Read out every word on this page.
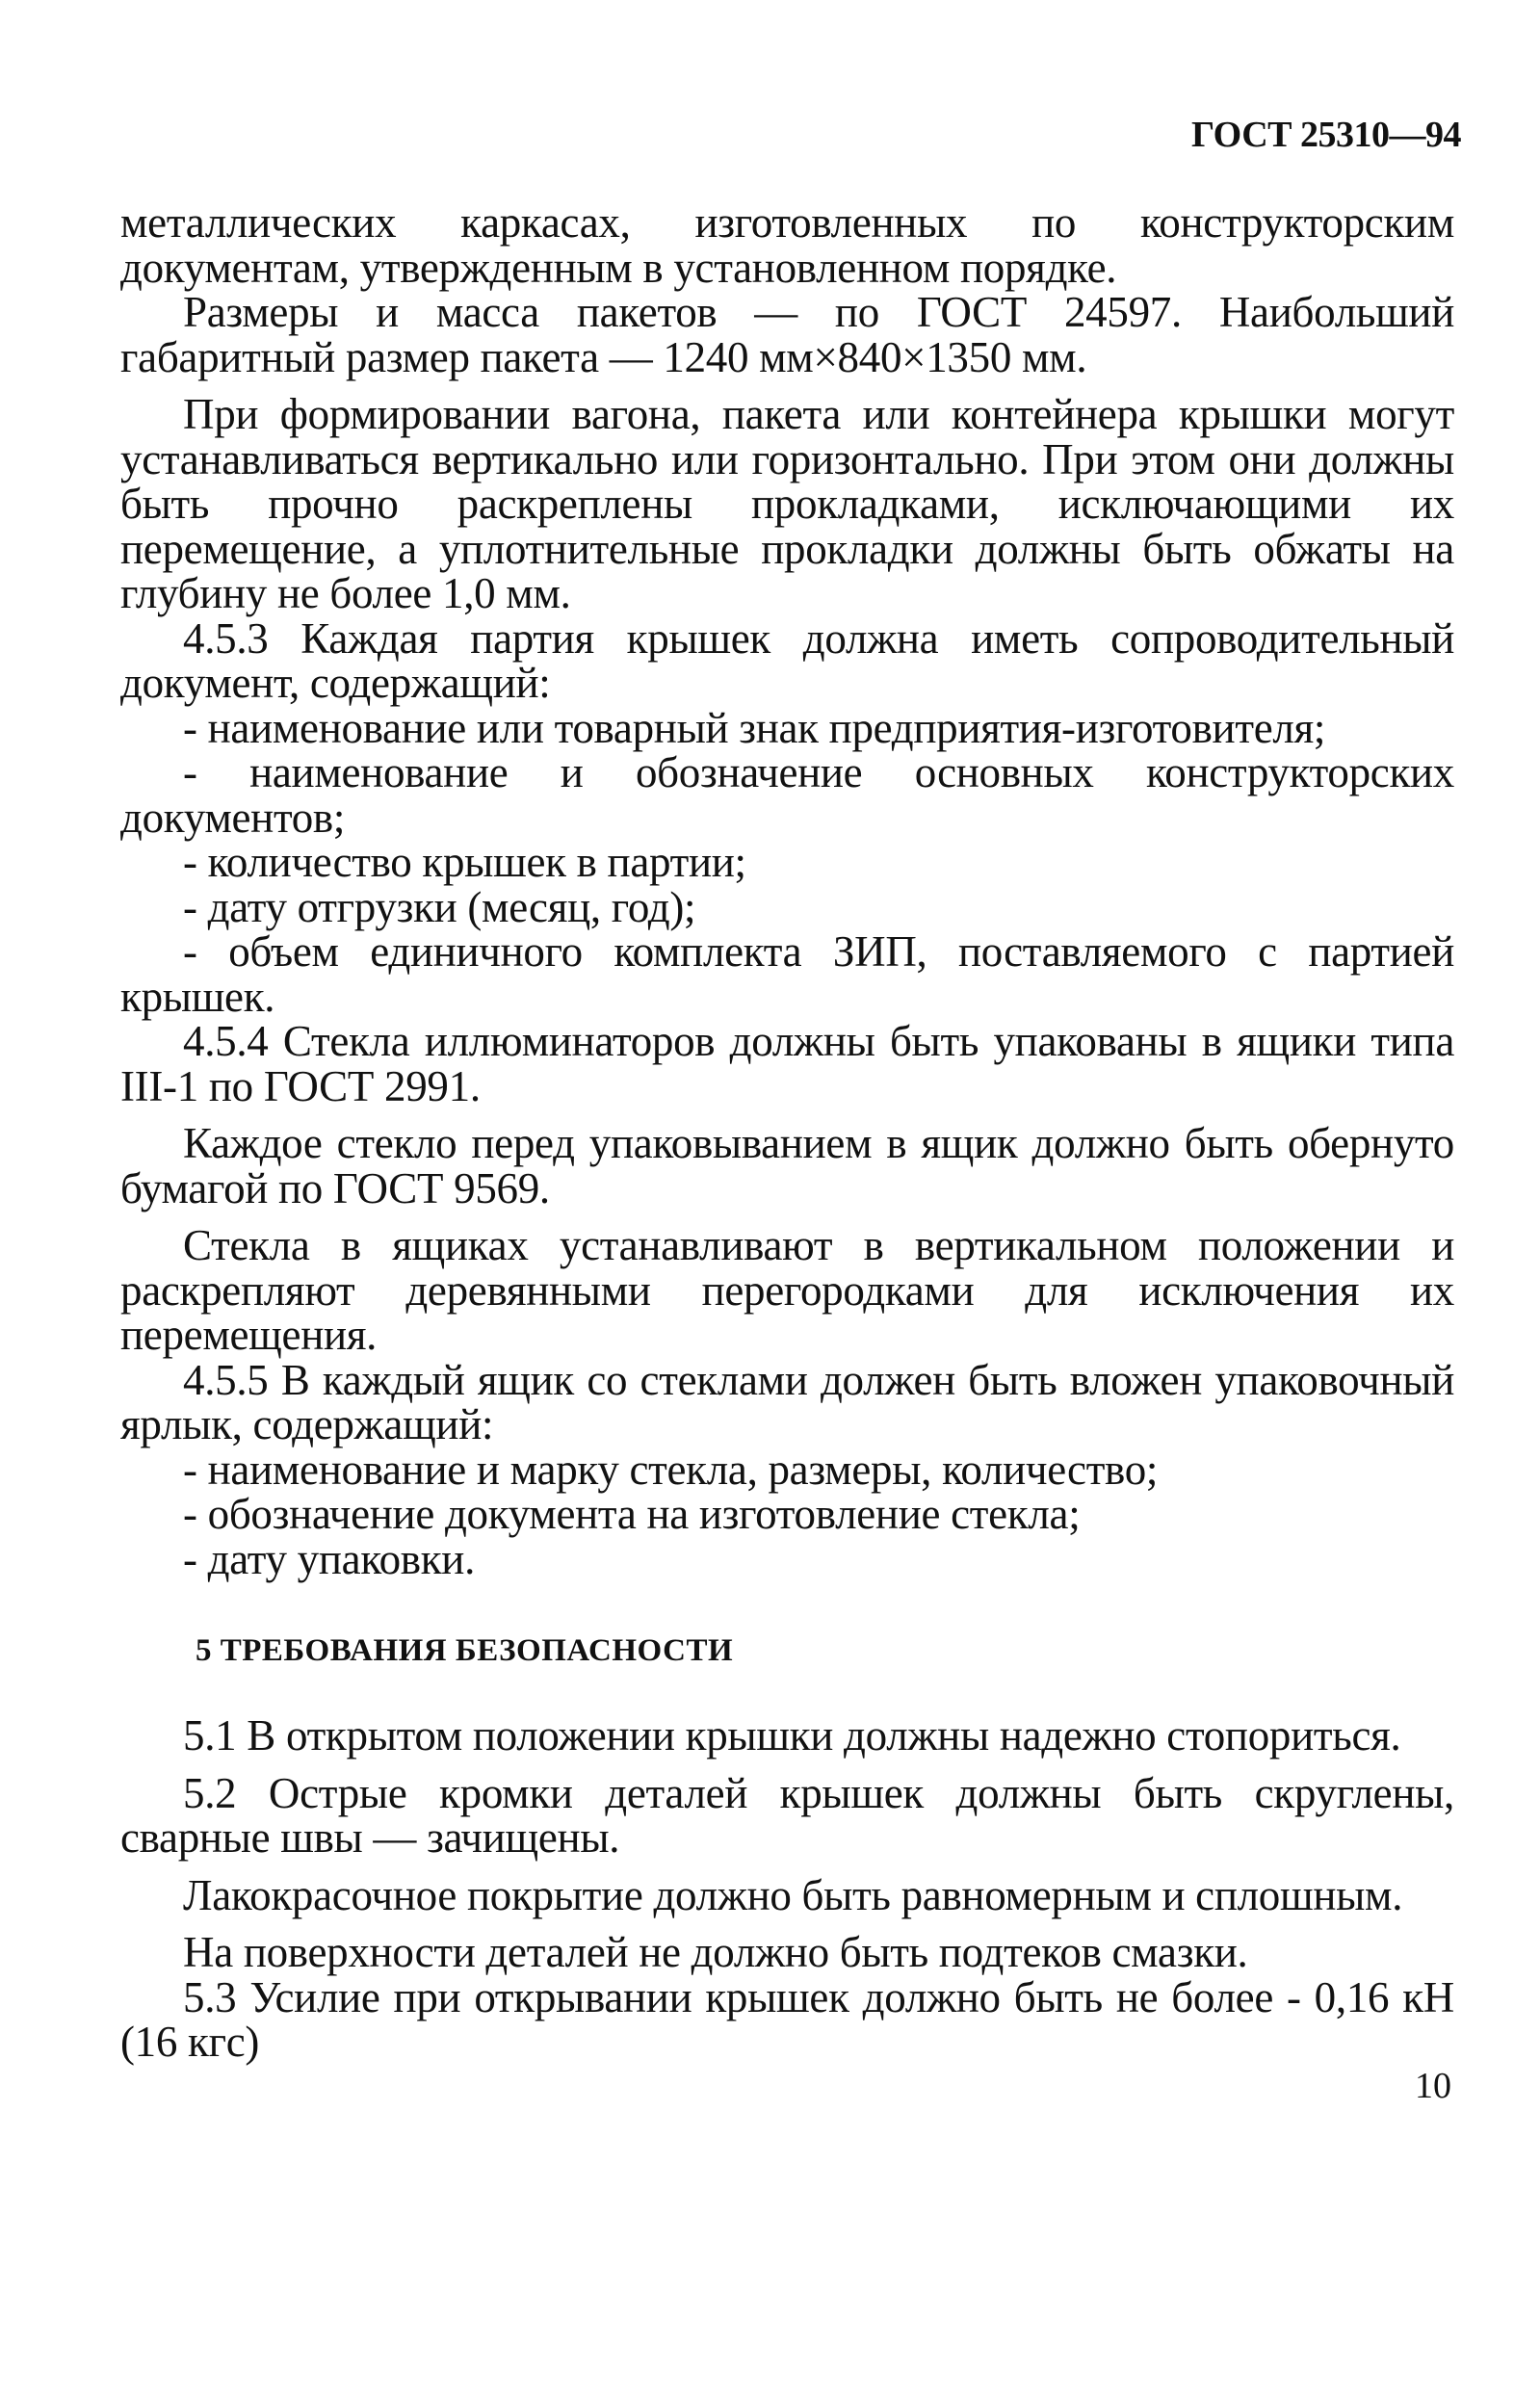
ГОСТ 25310—94

металлических каркасах, изготовленных по конструкторским документам, утвержденным в установленном порядке.

Размеры и масса пакетов — по ГОСТ 24597. Наибольший габаритный размер пакета — 1240 мм×840×1350 мм.

При формировании вагона, пакета или контейнера крышки могут устанавливаться вертикально или горизонтально. При этом они должны быть прочно раскреплены прокладками, исключающими их перемещение, а уплотнительные прокладки должны быть обжаты на глубину не более 1,0 мм.

4.5.3 Каждая партия крышек должна иметь сопроводительный документ, содержащий:

- наименование или товарный знак предприятия-изготовителя;

- наименование и обозначение основных конструкторских документов;

- количество крышек в партии;

- дату отгрузки (месяц, год);

- объем единичного комплекта ЗИП, поставляемого с партией крышек.

4.5.4 Стекла иллюминаторов должны быть упакованы в ящики типа III-1 по ГОСТ 2991.

Каждое стекло перед упаковыванием в ящик должно быть обернуто бумагой по ГОСТ 9569.

Стекла в ящиках устанавливают в вертикальном положении и раскрепляют деревянными перегородками для исключения их перемещения.

4.5.5 В каждый ящик со стеклами должен быть вложен упаковочный ярлык, содержащий:

- наименование и марку стекла, размеры, количество;

- обозначение документа на изготовление стекла;

- дату упаковки.

5 ТРЕБОВАНИЯ БЕЗОПАСНОСТИ

5.1 В открытом положении крышки должны надежно стопориться.

5.2 Острые кромки деталей крышек должны быть скруглены, сварные швы — зачищены.

Лакокрасочное покрытие должно быть равномерным и сплошным.

На поверхности деталей не должно быть подтеков смазки.

5.3 Усилие при открывании крышек должно быть не более - 0,16 кН (16 кгс)

10
